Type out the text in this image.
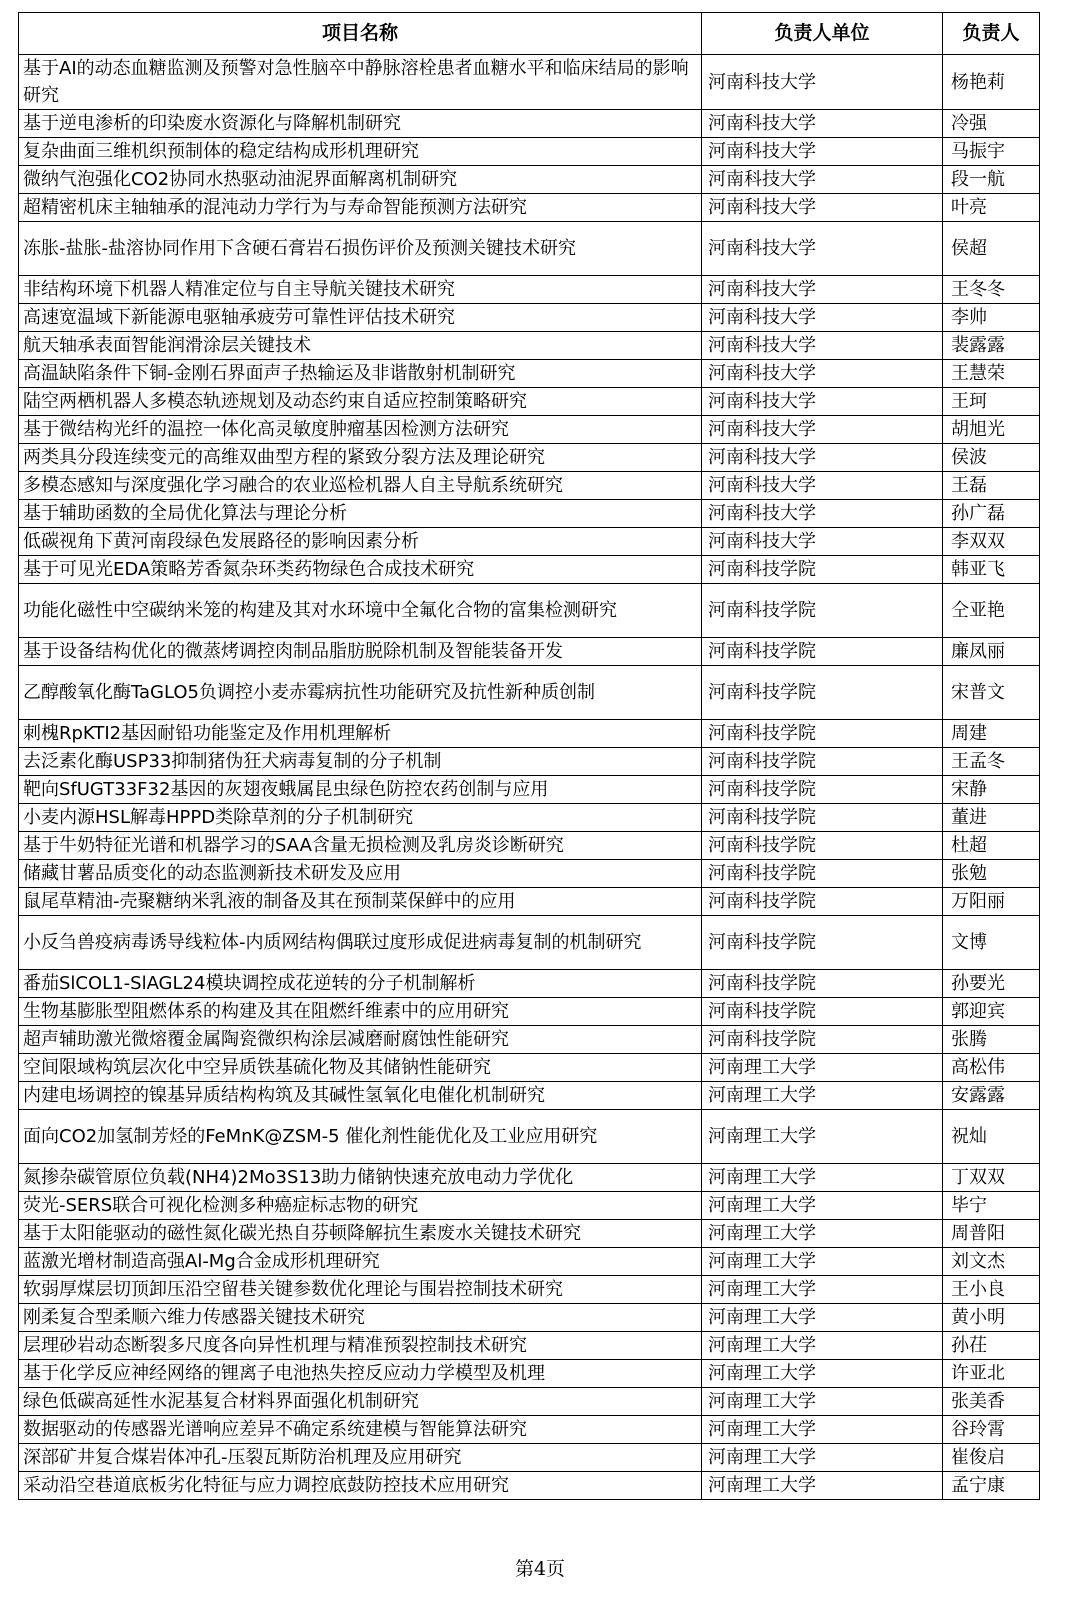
项目名称	负责人单位	负责人
基于AI的动态血糖监测及预警对急性脑卒中静脉溶栓患者血糖水平和临床结局的影响研究	河南科技大学	杨艳莉
基于逆电渗析的印染废水资源化与降解机制研究	河南科技大学	冷强
复杂曲面三维机织预制体的稳定结构成形机理研究	河南科技大学	马振宇
微纳气泡强化CO2协同水热驱动油泥界面解离机制研究	河南科技大学	段一航
超精密机床主轴轴承的混沌动力学行为与寿命智能预测方法研究	河南科技大学	叶亮
冻胀-盐胀-盐溶协同作用下含硬石膏岩石损伤评价及预测关键技术研究	河南科技大学	侯超
非结构环境下机器人精准定位与自主导航关键技术研究	河南科技大学	王冬冬
高速宽温域下新能源电驱轴承疲劳可靠性评估技术研究	河南科技大学	李帅
航天轴承表面智能润滑涂层关键技术	河南科技大学	裴露露
高温缺陷条件下铜-金刚石界面声子热输运及非谐散射机制研究	河南科技大学	王慧荣
陆空两栖机器人多模态轨迹规划及动态约束自适应控制策略研究	河南科技大学	王珂
基于微结构光纤的温控一体化高灵敏度肿瘤基因检测方法研究	河南科技大学	胡旭光
两类具分段连续变元的高维双曲型方程的紧致分裂方法及理论研究	河南科技大学	侯波
多模态感知与深度强化学习融合的农业巡检机器人自主导航系统研究	河南科技大学	王磊
基于辅助函数的全局优化算法与理论分析	河南科技大学	孙广磊
低碳视角下黄河南段绿色发展路径的影响因素分析	河南科技大学	李双双
基于可见光EDA策略芳香氮杂环类药物绿色合成技术研究	河南科技学院	韩亚飞
功能化磁性中空碳纳米笼的构建及其对水环境中全氟化合物的富集检测研究	河南科技学院	仝亚艳
基于设备结构优化的微蒸烤调控肉制品脂肪脱除机制及智能装备开发	河南科技学院	廉凤丽
乙醇酸氧化酶TaGLO5负调控小麦赤霉病抗性功能研究及抗性新种质创制	河南科技学院	宋普文
刺槐RpKTI2基因耐铅功能鉴定及作用机理解析	河南科技学院	周建
去泛素化酶USP33抑制猪伪狂犬病毒复制的分子机制	河南科技学院	王孟冬
靶向SfUGT33F32基因的灰翅夜蛾属昆虫绿色防控农药创制与应用	河南科技学院	宋静
小麦内源HSL解毒HPPD类除草剂的分子机制研究	河南科技学院	董进
基于牛奶特征光谱和机器学习的SAA含量无损检测及乳房炎诊断研究	河南科技学院	杜超
储藏甘薯品质变化的动态监测新技术研发及应用	河南科技学院	张勉
鼠尾草精油-壳聚糖纳米乳液的制备及其在预制菜保鲜中的应用	河南科技学院	万阳丽
小反刍兽疫病毒诱导线粒体-内质网结构偶联过度形成促进病毒复制的机制研究	河南科技学院	文博
番茄SlCOL1-SlAGL24模块调控成花逆转的分子机制解析	河南科技学院	孙要光
生物基膨胀型阻燃体系的构建及其在阻燃纤维素中的应用研究	河南科技学院	郭迎宾
超声辅助激光微熔覆金属陶瓷微织构涂层减磨耐腐蚀性能研究	河南科技学院	张腾
空间限域构筑层次化中空异质铁基硫化物及其储钠性能研究	河南理工大学	高松伟
内建电场调控的镍基异质结构构筑及其碱性氢氧化电催化机制研究	河南理工大学	安露露
面向CO2加氢制芳烃的FeMnK@ZSM-5 催化剂性能优化及工业应用研究	河南理工大学	祝灿
氮掺杂碳管原位负载(NH4)2Mo3S13助力储钠快速充放电动力学优化	河南理工大学	丁双双
荧光-SERS联合可视化检测多种癌症标志物的研究	河南理工大学	毕宁
基于太阳能驱动的磁性氮化碳光热自芬顿降解抗生素废水关键技术研究	河南理工大学	周普阳
蓝激光增材制造高强Al-Mg合金成形机理研究	河南理工大学	刘文杰
软弱厚煤层切顶卸压沿空留巷关键参数优化理论与围岩控制技术研究	河南理工大学	王小良
刚柔复合型柔顺六维力传感器关键技术研究	河南理工大学	黄小明
层理砂岩动态断裂多尺度各向异性机理与精准预裂控制技术研究	河南理工大学	孙茌
基于化学反应神经网络的锂离子电池热失控反应动力学模型及机理	河南理工大学	许亚北
绿色低碳高延性水泥基复合材料界面强化机制研究	河南理工大学	张美香
数据驱动的传感器光谱响应差异不确定系统建模与智能算法研究	河南理工大学	谷玲霄
深部矿井复合煤岩体冲孔-压裂瓦斯防治机理及应用研究	河南理工大学	崔俊启
采动沿空巷道底板劣化特征与应力调控底鼓防控技术应用研究	河南理工大学	孟宁康
第4页
